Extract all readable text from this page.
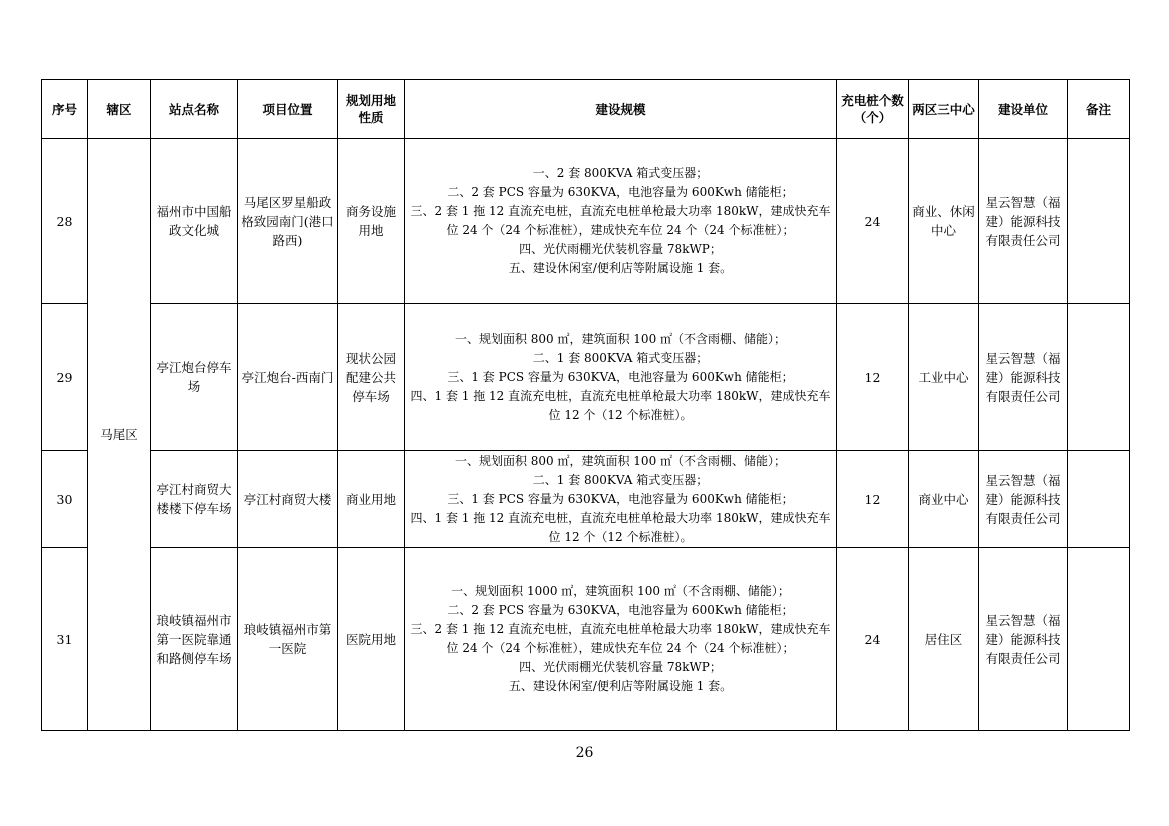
序号	辖区	站点名称	项目位置	规划用地性质	建设规模	充电桩个数（个）	两区三中心	建设单位	备注
28	马尾区	福州市中国船政文化城	马尾区罗星船政格致园南门(港口路西)	商务设施用地	一、2 套 800KVA 箱式变压器；
二、2 套 PCS 容量为 630KVA，电池容量为 600Kwh 储能柜；
三、2 套 1 拖 12 直流充电桩，直流充电桩单枪最大功率 180kW，建成快充车位 24 个（24 个标准桩），建成快充车位 24 个（24 个标准桩）；
四、光伏雨棚光伏装机容量 78kWP；
五、建设休闲室/便利店等附属设施 1 套。	24	商业、休闲中心	星云智慧（福建）能源科技有限责任公司	
29		亭江炮台停车场	亭江炮台-西南门	现状公园配建公共停车场	一、规划面积 800 ㎡，建筑面积 100 ㎡（不含雨棚、储能）；
二、1 套 800KVA 箱式变压器；
三、1 套 PCS 容量为 630KVA，电池容量为 600Kwh 储能柜；
四、1 套 1 拖 12 直流充电桩，直流充电桩单枪最大功率 180kW，建成快充车位 12 个（12 个标准桩）。	12	工业中心	星云智慧（福建）能源科技有限责任公司	
30		亭江村商贸大楼楼下停车场	亭江村商贸大楼	商业用地	一、规划面积 800 ㎡，建筑面积 100 ㎡（不含雨棚、储能）；
二、1 套 800KVA 箱式变压器；
三、1 套 PCS 容量为 630KVA，电池容量为 600Kwh 储能柜；
四、1 套 1 拖 12 直流充电桩，直流充电桩单枪最大功率 180kW，建成快充车位 12 个（12 个标准桩）。	12	商业中心	星云智慧（福建）能源科技有限责任公司	
31		琅岐镇福州市第一医院靠通和路侧停车场	琅岐镇福州市第一医院	医院用地	一、规划面积 1000 ㎡，建筑面积 100 ㎡（不含雨棚、储能）；
二、2 套 PCS 容量为 630KVA，电池容量为 600Kwh 储能柜；
三、2 套 1 拖 12 直流充电桩，直流充电桩单枪最大功率 180kW，建成快充车位 24 个（24 个标准桩），建成快充车位 24 个（24 个标准桩）；
四、光伏雨棚光伏装机容量 78kWP；
五、建设休闲室/便利店等附属设施 1 套。	24	居住区	星云智慧（福建）能源科技有限责任公司	
26
